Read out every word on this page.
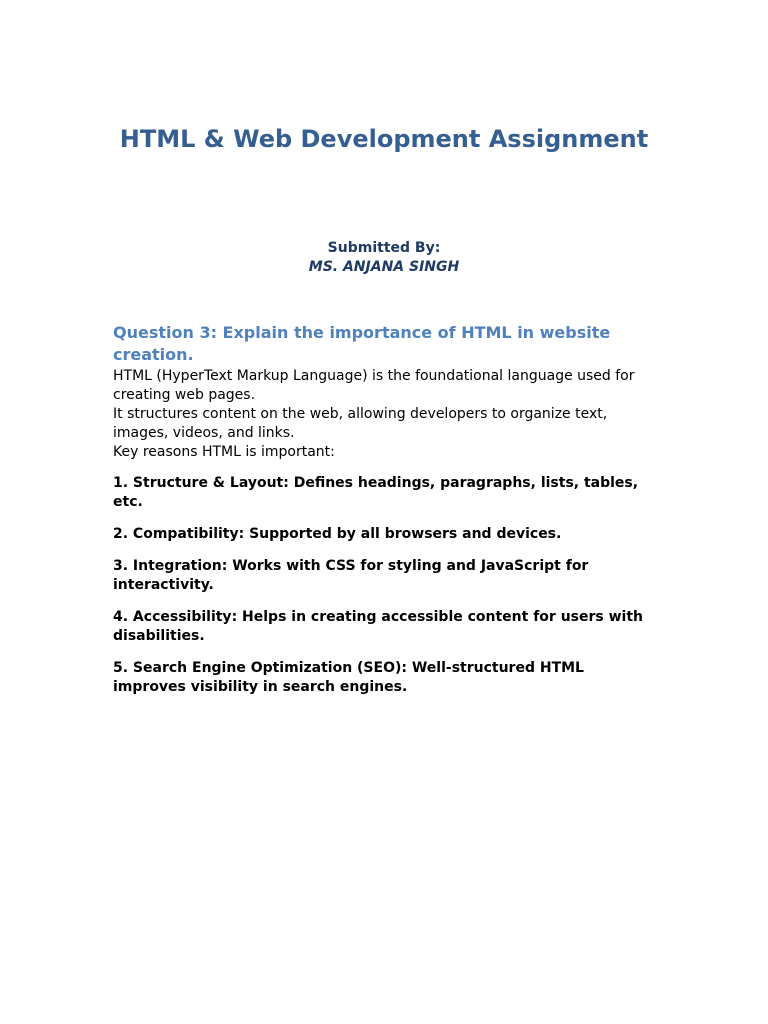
HTML & Web Development Assignment
Submitted By:
MS. ANJANA SINGH
Question 3: Explain the importance of HTML in website creation.

HTML (HyperText Markup Language) is the foundational language used for creating web pages.

It structures content on the web, allowing developers to organize text, images, videos, and links.

Key reasons HTML is important:

1. Structure & Layout: Defines headings, paragraphs, lists, tables, etc.
2. Compatibility: Supported by all browsers and devices.
3. Integration: Works with CSS for styling and JavaScript for interactivity.
4. Accessibility: Helps in creating accessible content for users with disabilities.
5. Search Engine Optimization (SEO): Well-structured HTML improves visibility in search engines.
